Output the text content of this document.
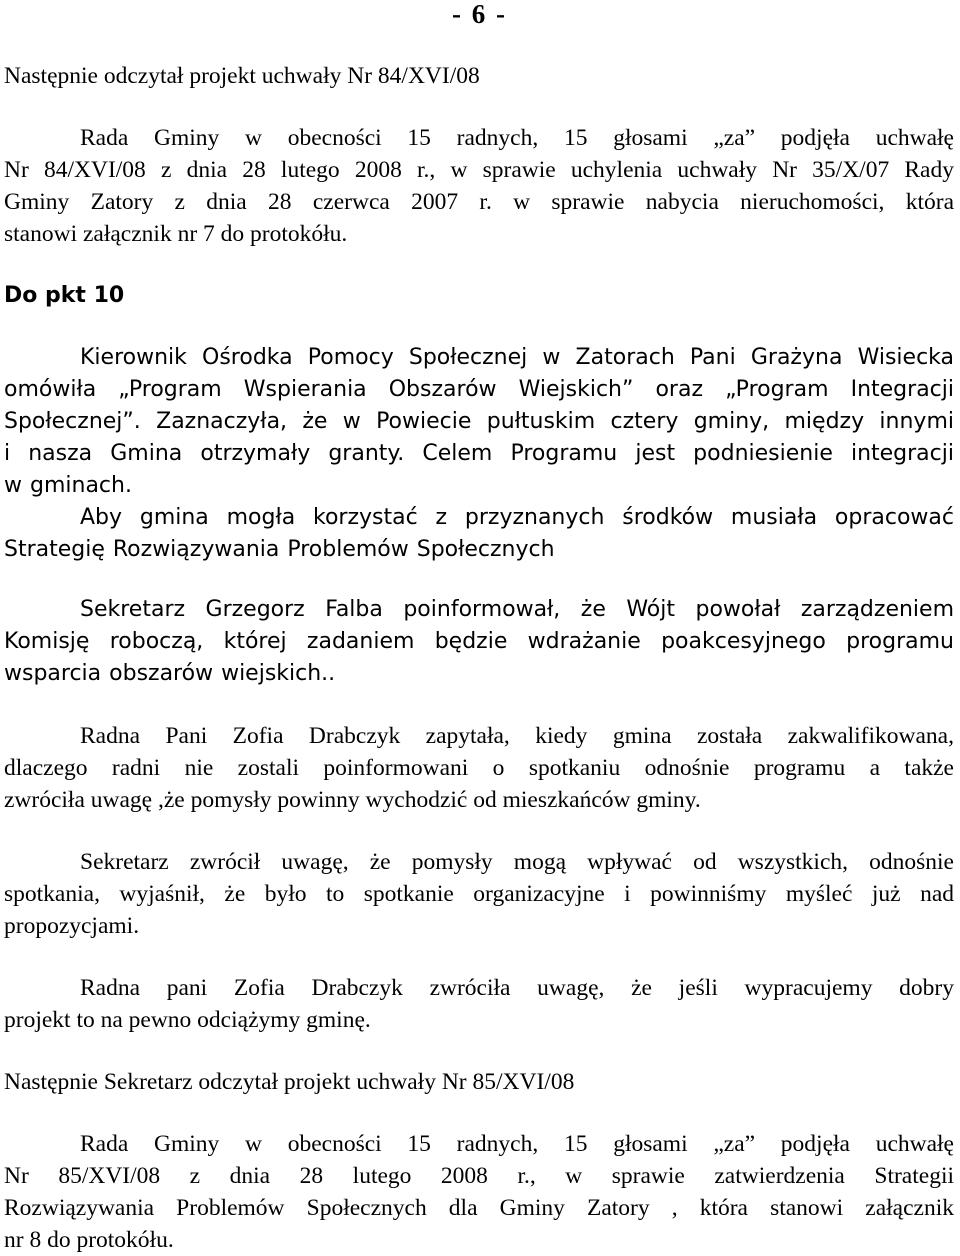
- 6 -
Następnie odczytał projekt uchwały Nr 84/XVI/08
Rada Gminy w obecności 15 radnych, 15 głosami „za” podjęła uchwałę
Nr 84/XVI/08 z dnia 28 lutego 2008 r., w sprawie uchylenia uchwały Nr 35/X/07 Rady
Gminy Zatory z dnia 28 czerwca 2007 r. w sprawie nabycia nieruchomości, która
stanowi załącznik nr 7 do protokółu.
Do pkt 10
Kierownik Ośrodka Pomocy Społecznej w Zatorach Pani Grażyna Wisiecka
omówiła „Program Wspierania Obszarów Wiejskich” oraz „Program Integracji
Społecznej”. Zaznaczyła, że w Powiecie pułtuskim cztery gminy, między innymi
i nasza Gmina otrzymały granty. Celem Programu jest podniesienie integracji
w gminach.
Aby gmina mogła korzystać z przyznanych środków musiała opracować
Strategię Rozwiązywania Problemów Społecznych
Sekretarz Grzegorz Falba poinformował, że Wójt powołał zarządzeniem
Komisję roboczą, której zadaniem będzie wdrażanie poakcesyjnego programu
wsparcia obszarów wiejskich..
Radna Pani Zofia Drabczyk zapytała, kiedy gmina została zakwalifikowana,
dlaczego radni nie zostali poinformowani o spotkaniu odnośnie programu a także
zwróciła uwagę ,że pomysły powinny wychodzić od mieszkańców gminy.
Sekretarz zwrócił uwagę, że pomysły mogą wpływać od wszystkich, odnośnie
spotkania, wyjaśnił, że było to spotkanie organizacyjne i powinniśmy myśleć już nad
propozycjami.
Radna pani Zofia Drabczyk zwróciła uwagę, że jeśli wypracujemy dobry
projekt to na pewno odciążymy gminę.
Następnie Sekretarz odczytał projekt uchwały Nr 85/XVI/08
Rada Gminy w obecności 15 radnych, 15 głosami „za” podjęła uchwałę
Nr 85/XVI/08 z dnia 28 lutego 2008 r., w sprawie zatwierdzenia Strategii
Rozwiązywania Problemów Społecznych dla Gminy Zatory , która stanowi załącznik
nr 8 do protokółu.
